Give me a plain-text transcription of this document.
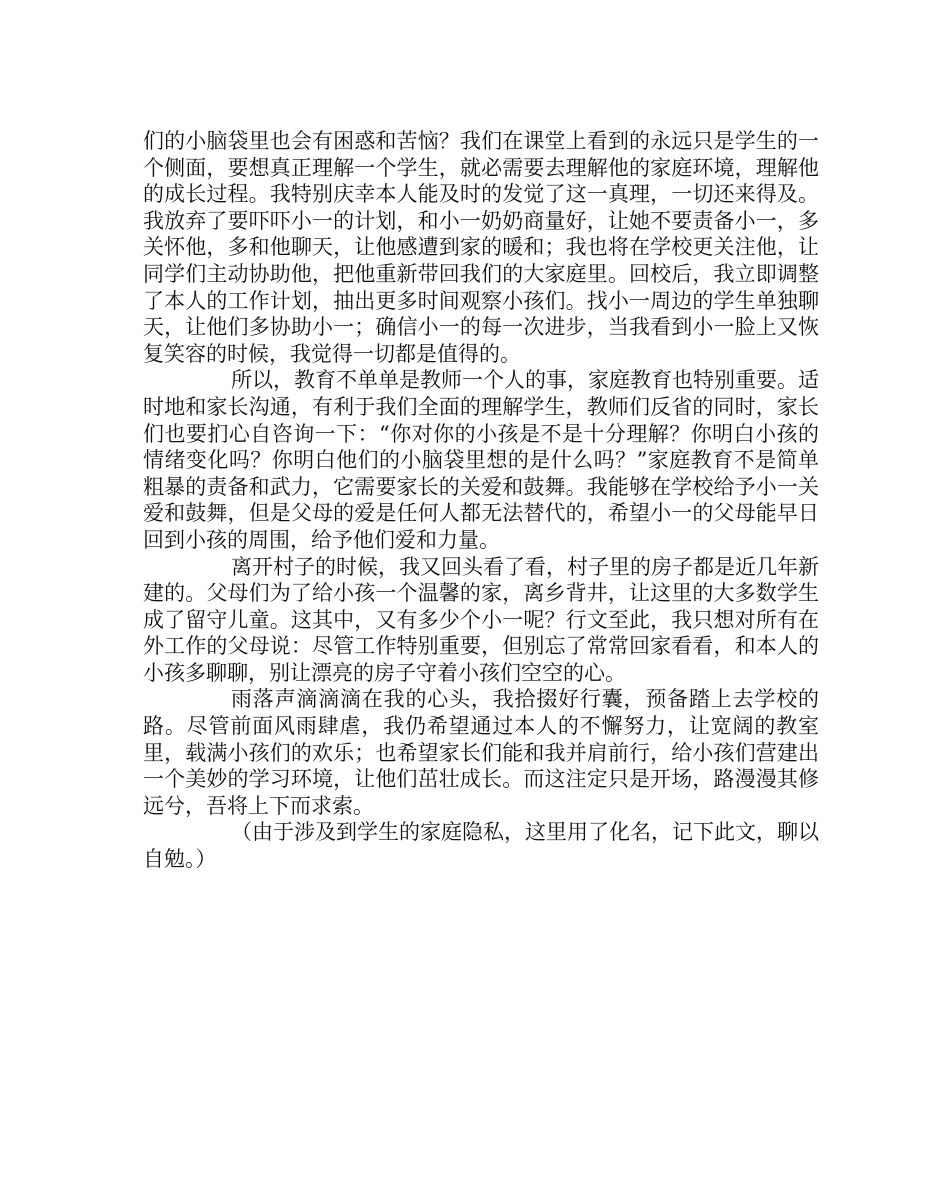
们的小脑袋里也会有困惑和苦恼？我们在课堂上看到的永远只是学生的一个侧面，要想真正理解一个学生，就必需要去理解他的家庭环境，理解他的成长过程。我特别庆幸本人能及时的发觉了这一真理，一切还来得及。我放弃了要吓吓小一的计划，和小一奶奶商量好，让她不要责备小一，多关怀他，多和他聊天，让他感遭到家的暖和；我也将在学校更关注他，让同学们主动协助他，把他重新带回我们的大家庭里。回校后，我立即调整了本人的工作计划，抽出更多时间观察小孩们。找小一周边的学生单独聊天，让他们多协助小一；确信小一的每一次进步，当我看到小一脸上又恢复笑容的时候，我觉得一切都是值得的。

所以，教育不单单是教师一个人的事，家庭教育也特别重要。适时地和家长沟通，有利于我们全面的理解学生，教师们反省的同时，家长们也要扪心自咨询一下：“你对你的小孩是不是十分理解？你明白小孩的情绪变化吗？你明白他们的小脑袋里想的是什么吗？”家庭教育不是简单粗暴的责备和武力，它需要家长的关爱和鼓舞。我能够在学校给予小一关爱和鼓舞，但是父母的爱是任何人都无法替代的，希望小一的父母能早日回到小孩的周围，给予他们爱和力量。

离开村子的时候，我又回头看了看，村子里的房子都是近几年新建的。父母们为了给小孩一个温馨的家，离乡背井，让这里的大多数学生成了留守儿童。这其中，又有多少个小一呢？行文至此，我只想对所有在外工作的父母说：尽管工作特别重要，但别忘了常常回家看看，和本人的小孩多聊聊，别让漂亮的房子守着小孩们空空的心。

雨落声滴滴滴在我的心头，我拾掇好行囊，预备踏上去学校的路。尽管前面风雨肆虐，我仍希望通过本人的不懈努力，让宽阔的教室里，载满小孩们的欢乐；也希望家长们能和我并肩前行，给小孩们营建出一个美妙的学习环境，让他们茁壮成长。而这注定只是开场，路漫漫其修远兮，吾将上下而求索。

（由于涉及到学生的家庭隐私，这里用了化名，记下此文，聊以自勉。）
